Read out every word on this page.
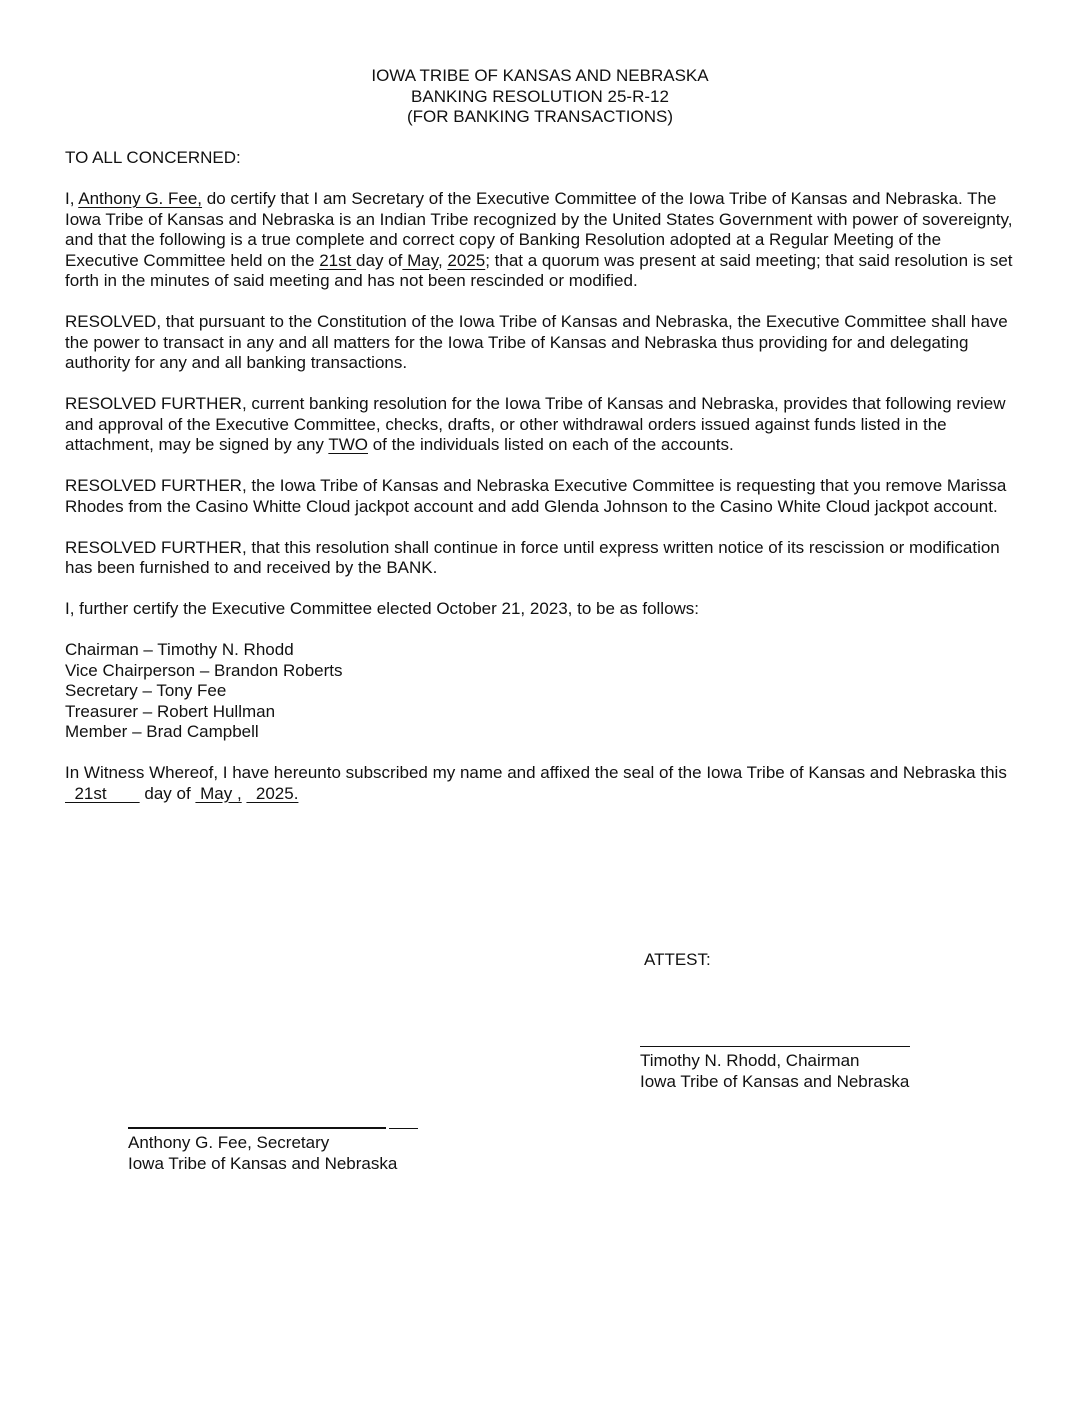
IOWA TRIBE OF KANSAS AND NEBRASKA
BANKING RESOLUTION 25-R-12
(FOR BANKING TRANSACTIONS)

TO ALL CONCERNED:

I, Anthony G. Fee, do certify that I am Secretary of the Executive Committee of the Iowa Tribe of Kansas and Nebraska. The Iowa Tribe of Kansas and Nebraska is an Indian Tribe recognized by the United States Government with power of sovereignty, and that the following is a true complete and correct copy of Banking Resolution adopted at a Regular Meeting of the Executive Committee held on the 21st day of May, 2025; that a quorum was present at said meeting; that said resolution is set forth in the minutes of said meeting and has not been rescinded or modified.

RESOLVED, that pursuant to the Constitution of the Iowa Tribe of Kansas and Nebraska, the Executive Committee shall have the power to transact in any and all matters for the Iowa Tribe of Kansas and Nebraska thus providing for and delegating authority for any and all banking transactions.

RESOLVED FURTHER, current banking resolution for the Iowa Tribe of Kansas and Nebraska, provides that following review and approval of the Executive Committee, checks, drafts, or other withdrawal orders issued against funds listed in the attachment, may be signed by any TWO of the individuals listed on each of the accounts.

RESOLVED FURTHER, the Iowa Tribe of Kansas and Nebraska Executive Committee is requesting that you remove Marissa Rhodes from the Casino Whitte Cloud jackpot account and add Glenda Johnson to the Casino White Cloud jackpot account.

RESOLVED FURTHER, that this resolution shall continue in force until express written notice of its rescission or modification has been furnished to and received by the BANK.

I, further certify the Executive Committee elected October 21, 2023, to be as follows:

Chairman – Timothy N. Rhodd
Vice Chairperson – Brandon Roberts
Secretary – Tony Fee
Treasurer – Robert Hullman
Member – Brad Campbell

In Witness Whereof, I have hereunto subscribed my name and affixed the seal of the Iowa Tribe of Kansas and Nebraska this   21st        day of  May ,   2025.

ATTEST:
Timothy N. Rhodd, Chairman
Iowa Tribe of Kansas and Nebraska
Anthony G. Fee, Secretary
Iowa Tribe of Kansas and Nebraska
